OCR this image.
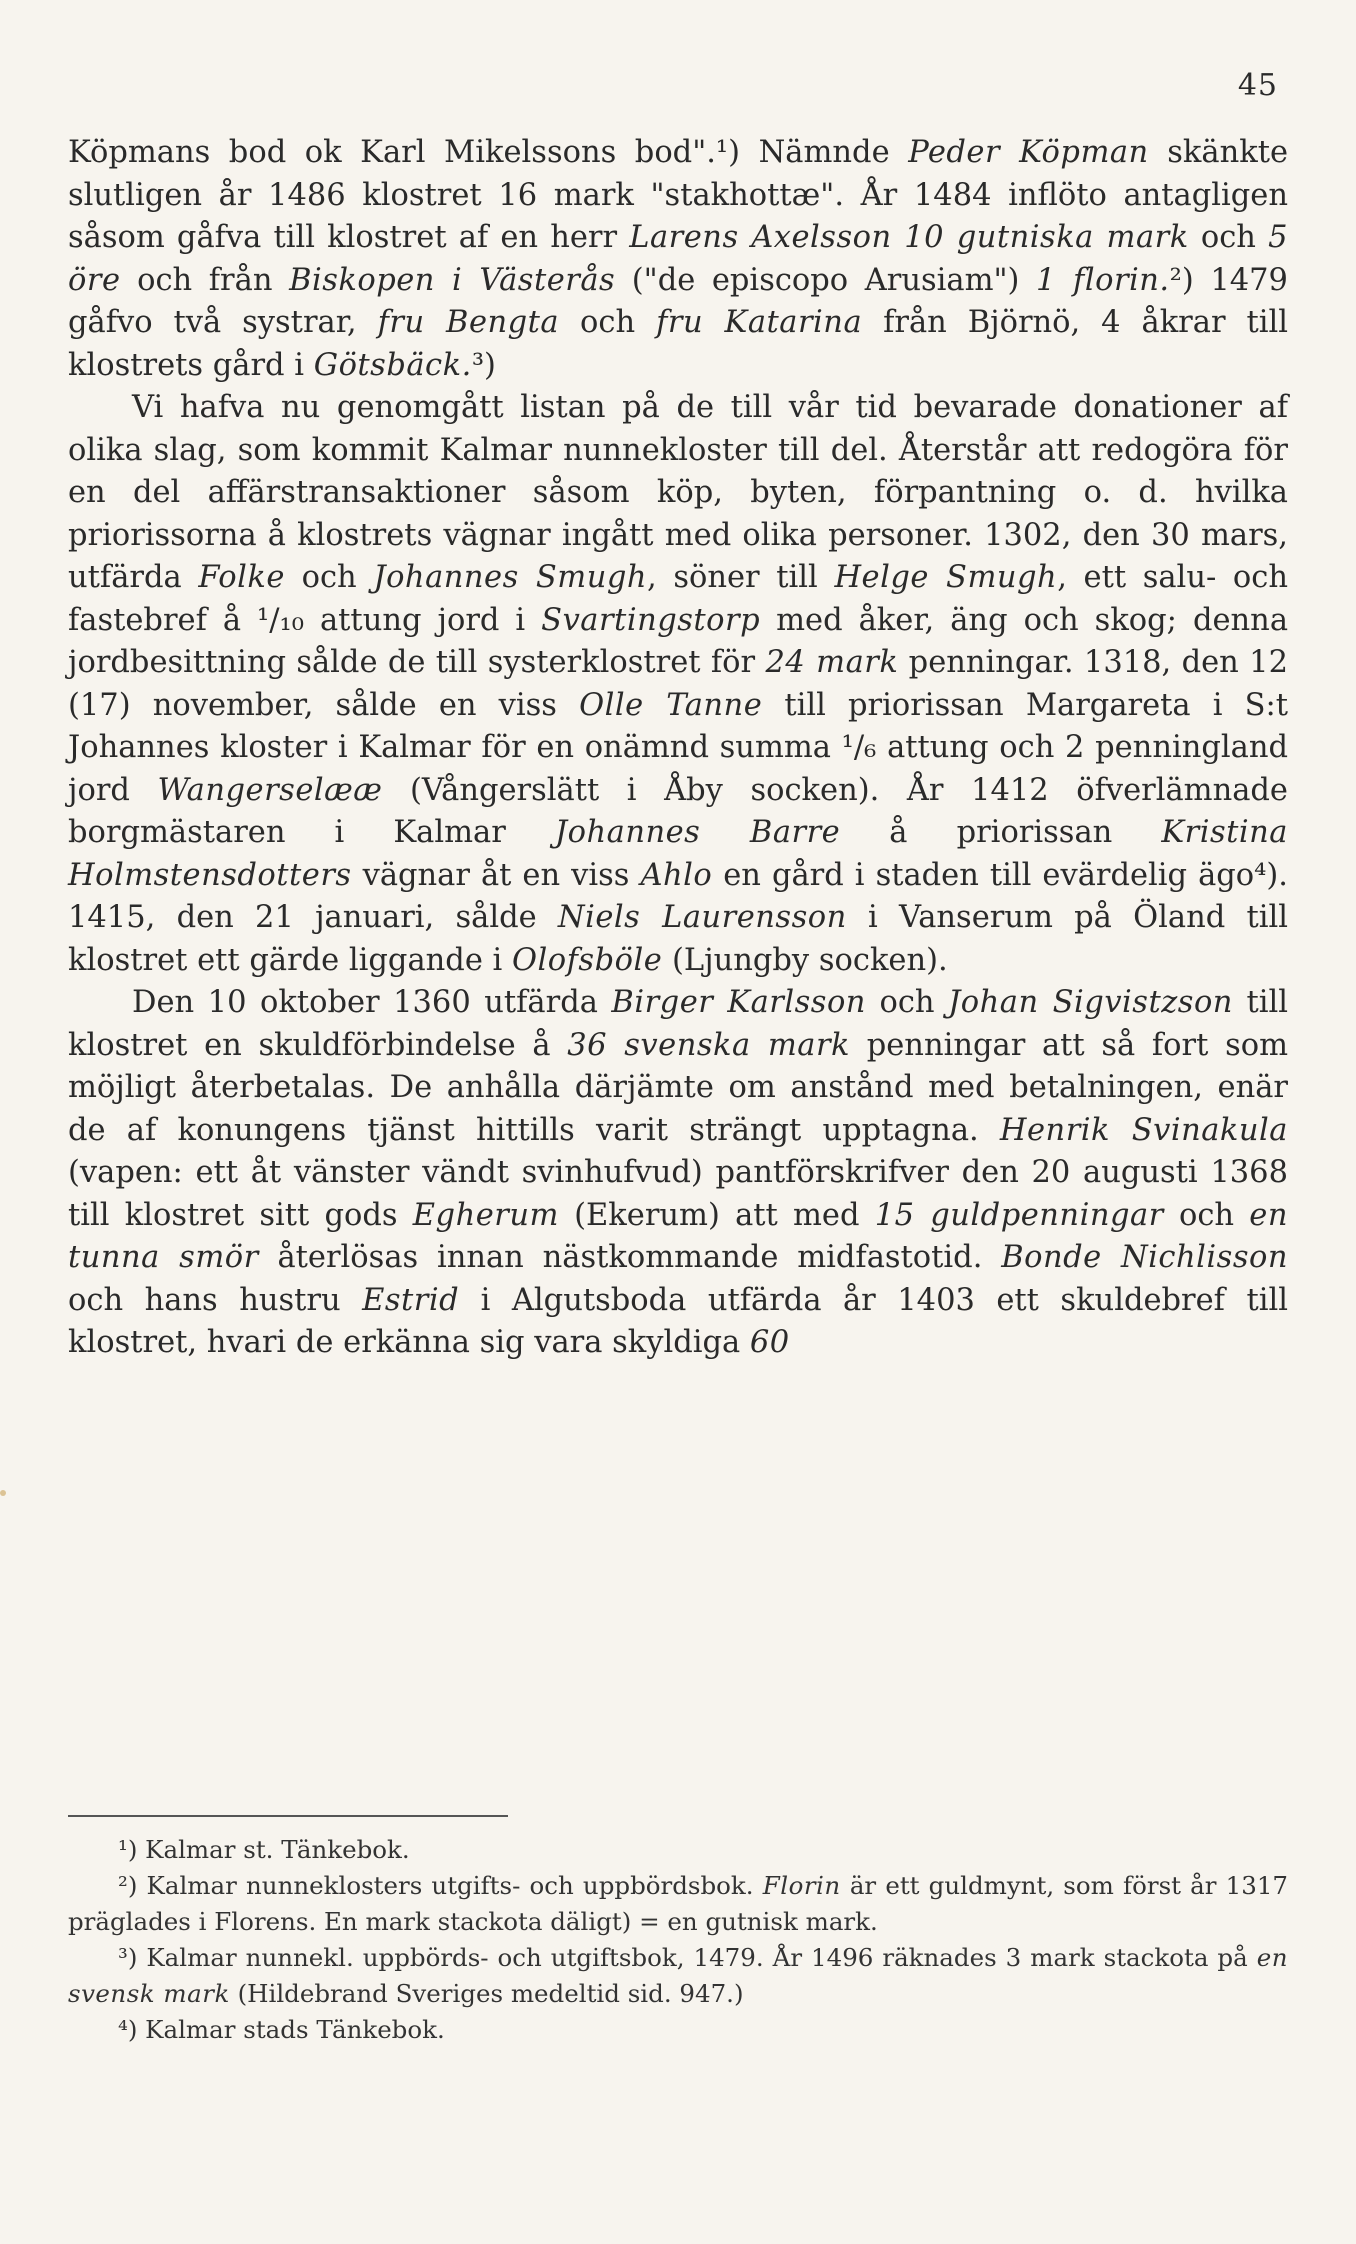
45

Köpmans bod ok Karl Mikelssons bod".¹) Nämnde Peder Köpman skänkte slutligen år 1486 klostret 16 mark "stakhottæ". År 1484 inflöto antagligen såsom gåfva till klostret af en herr Larens Axelsson 10 gutniska mark och 5 öre och från Biskopen i Västerås ("de episcopo Arusiam") 1 florin.²) 1479 gåfvo två systrar, fru Bengta och fru Katarina från Björnö, 4 åkrar till klostrets gård i Götsbäck.³)

Vi hafva nu genomgått listan på de till vår tid bevarade donationer af olika slag, som kommit Kalmar nunnekloster till del. Återstår att redogöra för en del affärstransaktioner såsom köp, byten, förpantning o. d. hvilka priorissorna å klostrets vägnar ingått med olika personer. 1302, den 30 mars, utfärda Folke och Johannes Smugh, söner till Helge Smugh, ett salu- och fastebref å ¹/₁₀ attung jord i Svartingstorp med åker, äng och skog; denna jordbesittning sålde de till systerklostret för 24 mark penningar. 1318, den 12 (17) november, sålde en viss Olle Tanne till priorissan Margareta i S:t Johannes kloster i Kalmar för en onämnd summa ¹/₆ attung och 2 penningland jord Wangerselææ (Vångerslätt i Åby socken). År 1412 öfverlämnade borgmästaren i Kalmar Johannes Barre å priorissan Kristina Holmstensdotters vägnar åt en viss Ahlo en gård i staden till evärdelig ägo⁴). 1415, den 21 januari, sålde Niels Laurensson i Vanserum på Öland till klostret ett gärde liggande i Olofsböle (Ljungby socken).

Den 10 oktober 1360 utfärda Birger Karlsson och Johan Sigvistzson till klostret en skuldförbindelse å 36 svenska mark penningar att så fort som möjligt återbetalas. De anhålla därjämte om anstånd med betalningen, enär de af konungens tjänst hittills varit strängt upptagna. Henrik Svinakula (vapen: ett åt vänster vändt svinhufvud) pantförskrifver den 20 augusti 1368 till klostret sitt gods Egherum (Ekerum) att med 15 guldpenningar och en tunna smör återlösas innan nästkommande midfastotid. Bonde Nichlisson och hans hustru Estrid i Algutsboda utfärda år 1403 ett skuldebref till klostret, hvari de erkänna sig vara skyldiga 60

¹) Kalmar st. Tänkebok.

²) Kalmar nunneklosters utgifts- och uppbördsbok. Florin är ett guldmynt, som först år 1317 präglades i Florens. En mark stackota däligt) = en gutnisk mark.

³) Kalmar nunnekl. uppbörds- och utgiftsbok, 1479. År 1496 räknades 3 mark stackota på en svensk mark (Hildebrand Sveriges medeltid sid. 947.)

⁴) Kalmar stads Tänkebok.
